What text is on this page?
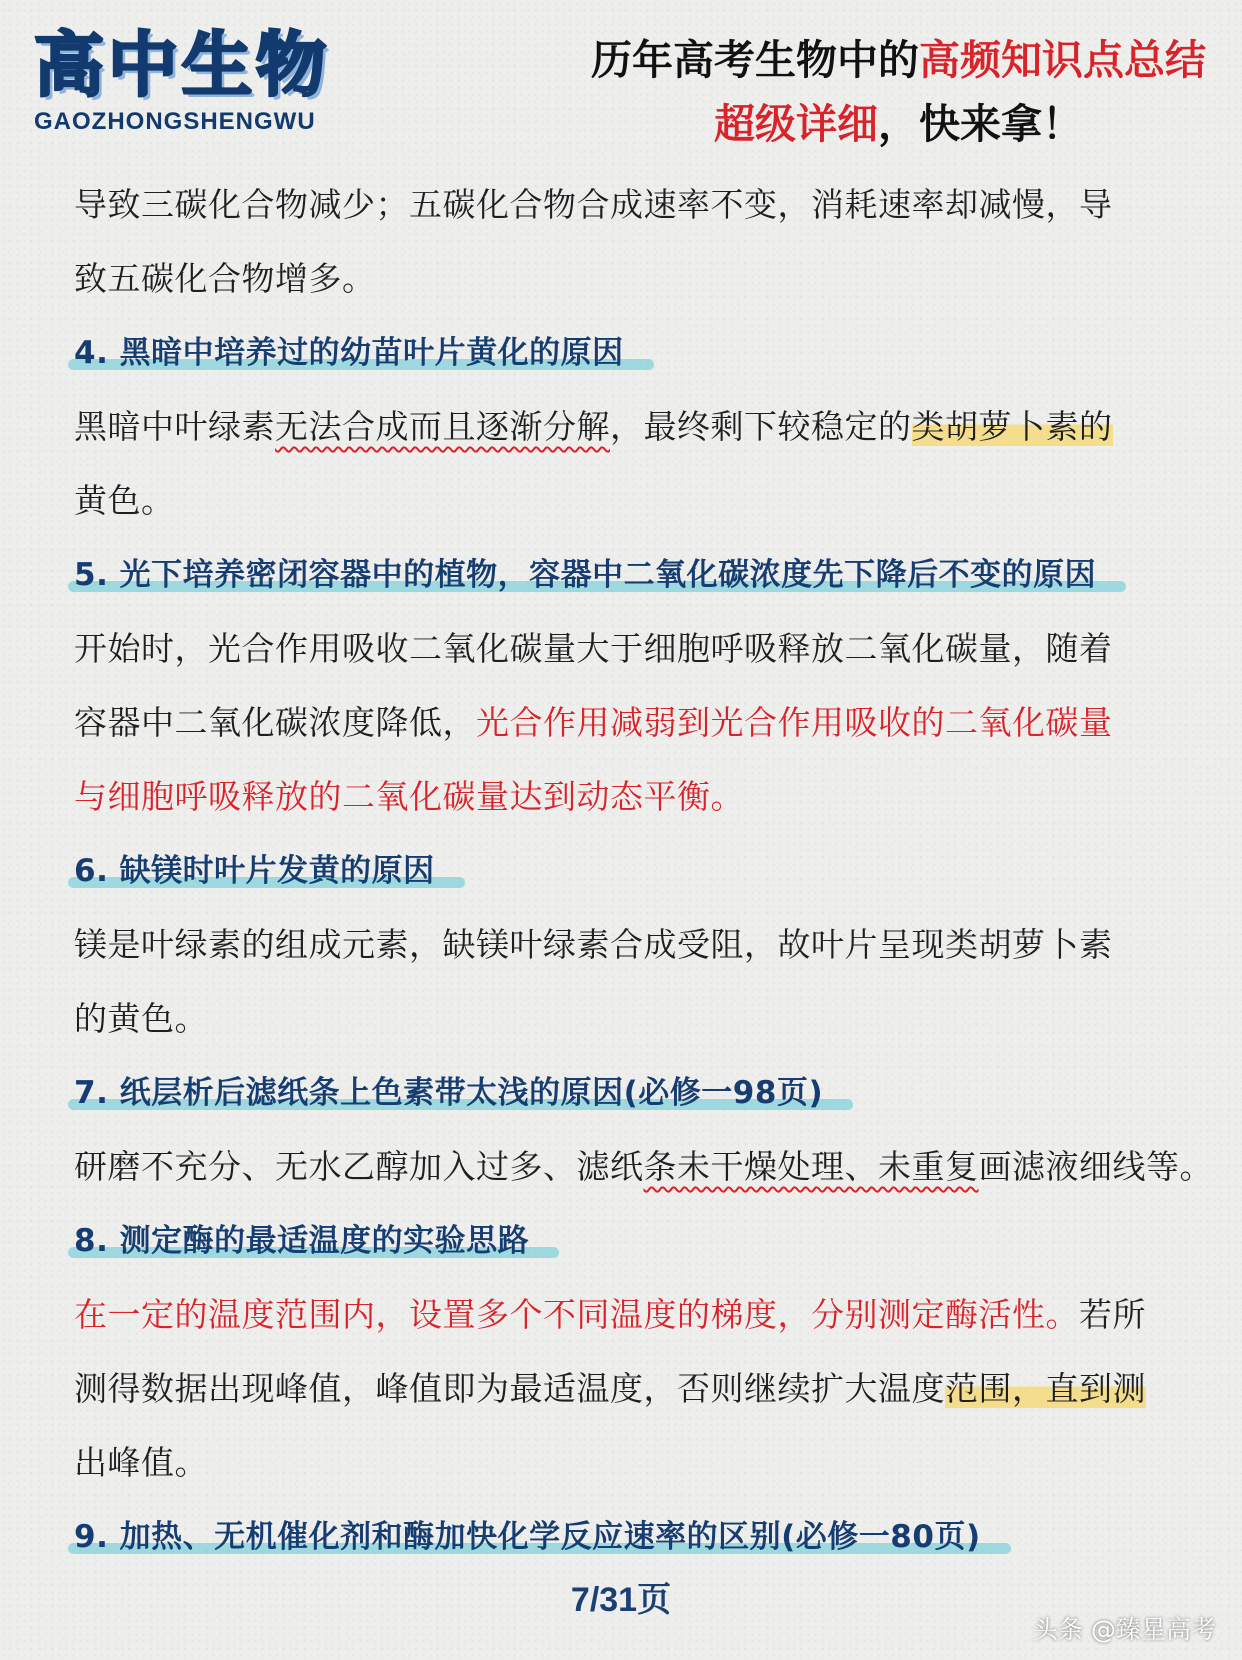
高中生物
GAOZHONGSHENGWU
历年高考生物中的高频知识点总结
超级详细，快来拿！
导致三碳化合物减少；五碳化合物合成速率不变，消耗速率却减慢，导
致五碳化合物增多。
4. 黑暗中培养过的幼苗叶片黄化的原因
黑暗中叶绿素无法合成而且逐渐分解，最终剩下较稳定的类胡萝卜素的
黄色。
5. 光下培养密闭容器中的植物，容器中二氧化碳浓度先下降后不变的原因
开始时，光合作用吸收二氧化碳量大于细胞呼吸释放二氧化碳量，随着
容器中二氧化碳浓度降低，光合作用减弱到光合作用吸收的二氧化碳量
与细胞呼吸释放的二氧化碳量达到动态平衡。
6. 缺镁时叶片发黄的原因
镁是叶绿素的组成元素，缺镁叶绿素合成受阻，故叶片呈现类胡萝卜素
的黄色。
7. 纸层析后滤纸条上色素带太浅的原因(必修一98页)
研磨不充分、无水乙醇加入过多、滤纸条未干燥处理、未重复画滤液细线等。
8. 测定酶的最适温度的实验思路
在一定的温度范围内，设置多个不同温度的梯度，分别测定酶活性。若所
测得数据出现峰值，峰值即为最适温度，否则继续扩大温度范围，直到测
出峰值。
9. 加热、无机催化剂和酶加快化学反应速率的区别(必修一80页)
7/31页
头条 @臻星高考
